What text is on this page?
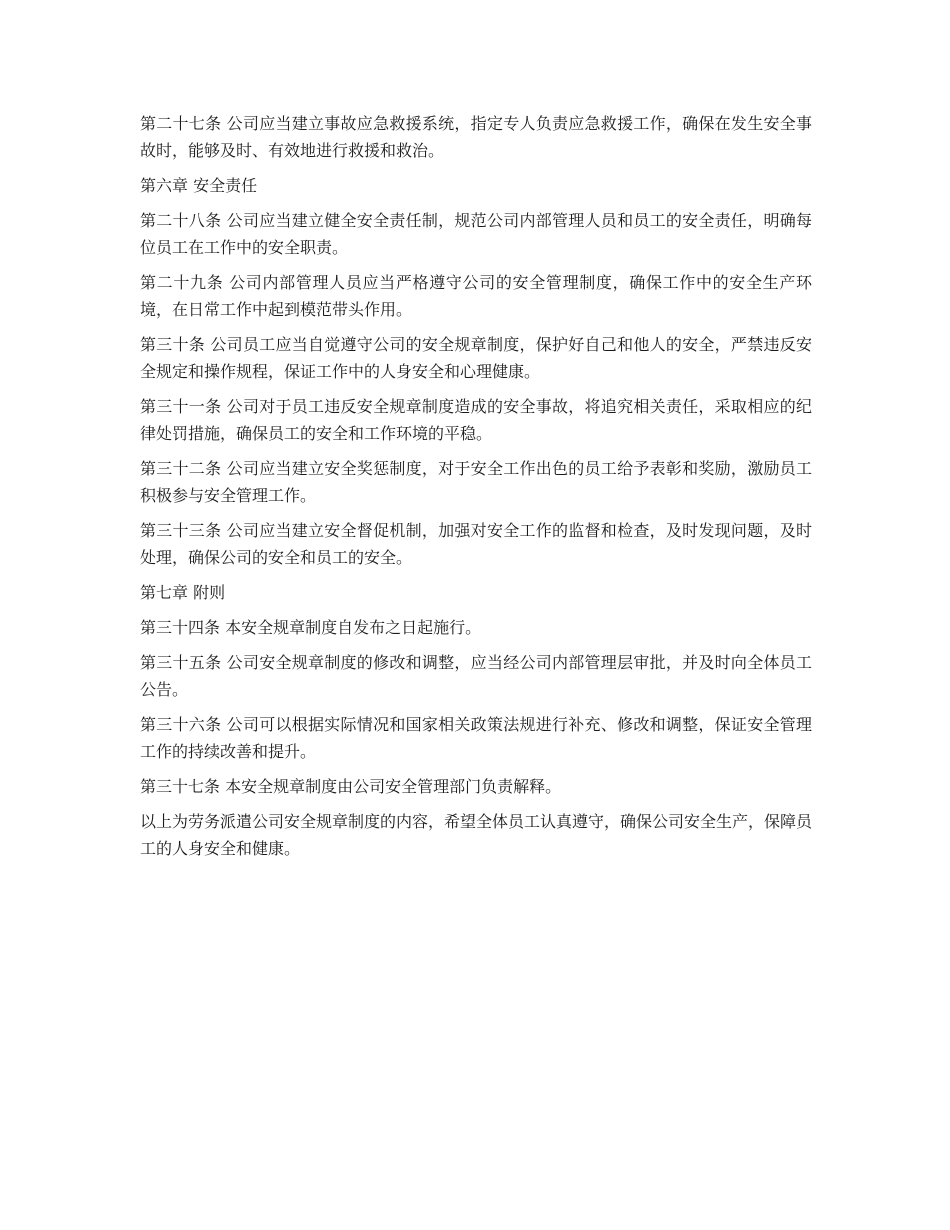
第二十七条 公司应当建立事故应急救援系统，指定专人负责应急救援工作，确保在发生安全事故时，能够及时、有效地进行救援和救治。

第六章 安全责任

第二十八条 公司应当建立健全安全责任制，规范公司内部管理人员和员工的安全责任，明确每位员工在工作中的安全职责。

第二十九条 公司内部管理人员应当严格遵守公司的安全管理制度，确保工作中的安全生产环境，在日常工作中起到模范带头作用。

第三十条 公司员工应当自觉遵守公司的安全规章制度，保护好自己和他人的安全，严禁违反安全规定和操作规程，保证工作中的人身安全和心理健康。

第三十一条 公司对于员工违反安全规章制度造成的安全事故，将追究相关责任，采取相应的纪律处罚措施，确保员工的安全和工作环境的平稳。

第三十二条 公司应当建立安全奖惩制度，对于安全工作出色的员工给予表彰和奖励，激励员工积极参与安全管理工作。

第三十三条 公司应当建立安全督促机制，加强对安全工作的监督和检查，及时发现问题，及时处理，确保公司的安全和员工的安全。

第七章 附则

第三十四条 本安全规章制度自发布之日起施行。

第三十五条 公司安全规章制度的修改和调整，应当经公司内部管理层审批，并及时向全体员工公告。

第三十六条 公司可以根据实际情况和国家相关政策法规进行补充、修改和调整，保证安全管理工作的持续改善和提升。

第三十七条 本安全规章制度由公司安全管理部门负责解释。

以上为劳务派遣公司安全规章制度的内容，希望全体员工认真遵守，确保公司安全生产，保障员工的人身安全和健康。
